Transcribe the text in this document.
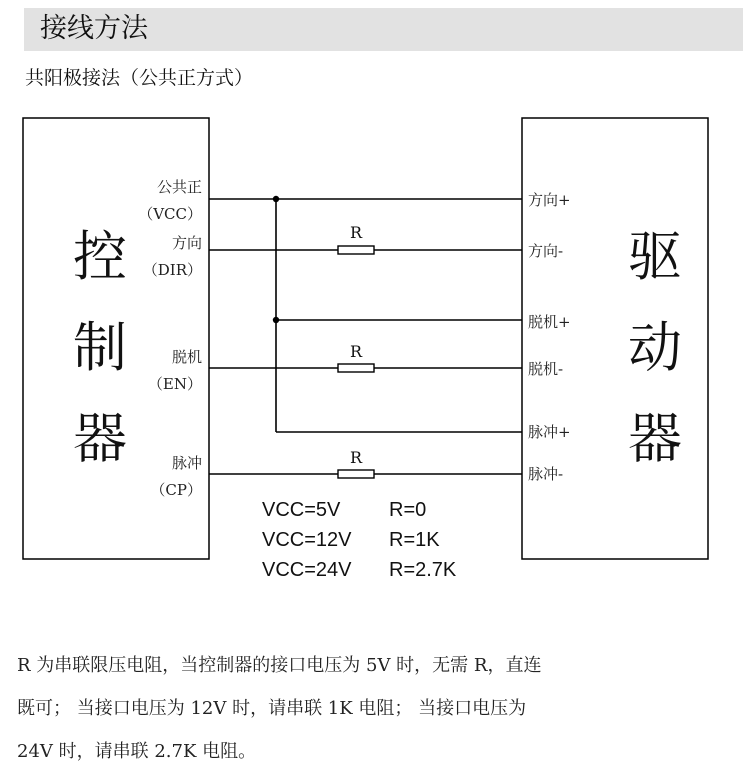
接线方法
共阳极接法（公共正方式）
控
制
器
驱
动
器
公共正
（VCC）
方向
（DIR）
脱机
（EN）
脉冲
（CP）
方向+
方向-
脱机+
脱机-
脉冲+
脉冲-
R
R
R
VCC=5V R=0
VCC=12V R=1K
VCC=24V R=2.7K
R 为串联限压电阻，当控制器的接口电压为 5V 时，无需 R，直连
既可； 当接口电压为 12V 时，请串联 1K 电阻； 当接口电压为
24V 时，请串联 2.7K 电阻。
